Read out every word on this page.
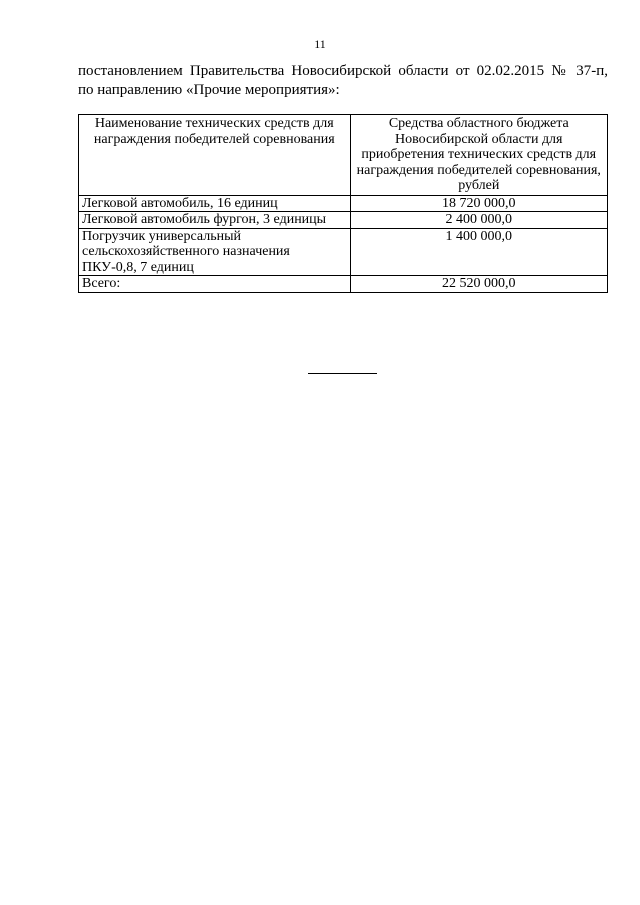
11
постановлением Правительства Новосибирской области от 02.02.2015 № 37-п,
по направлению «Прочие мероприятия»:
Наименование технических средств для награждения победителей соревнования	Средства областного бюджета Новосибирской области для приобретения технических средств для награждения победителей соревнования, рублей
Легковой автомобиль, 16 единиц	18 720 000,0
Легковой автомобиль фургон, 3 единицы	2 400 000,0
Погрузчик универсальный сельскохозяйственного назначения ПКУ-0,8, 7 единиц	1 400 000,0
Всего:	22 520 000,0
